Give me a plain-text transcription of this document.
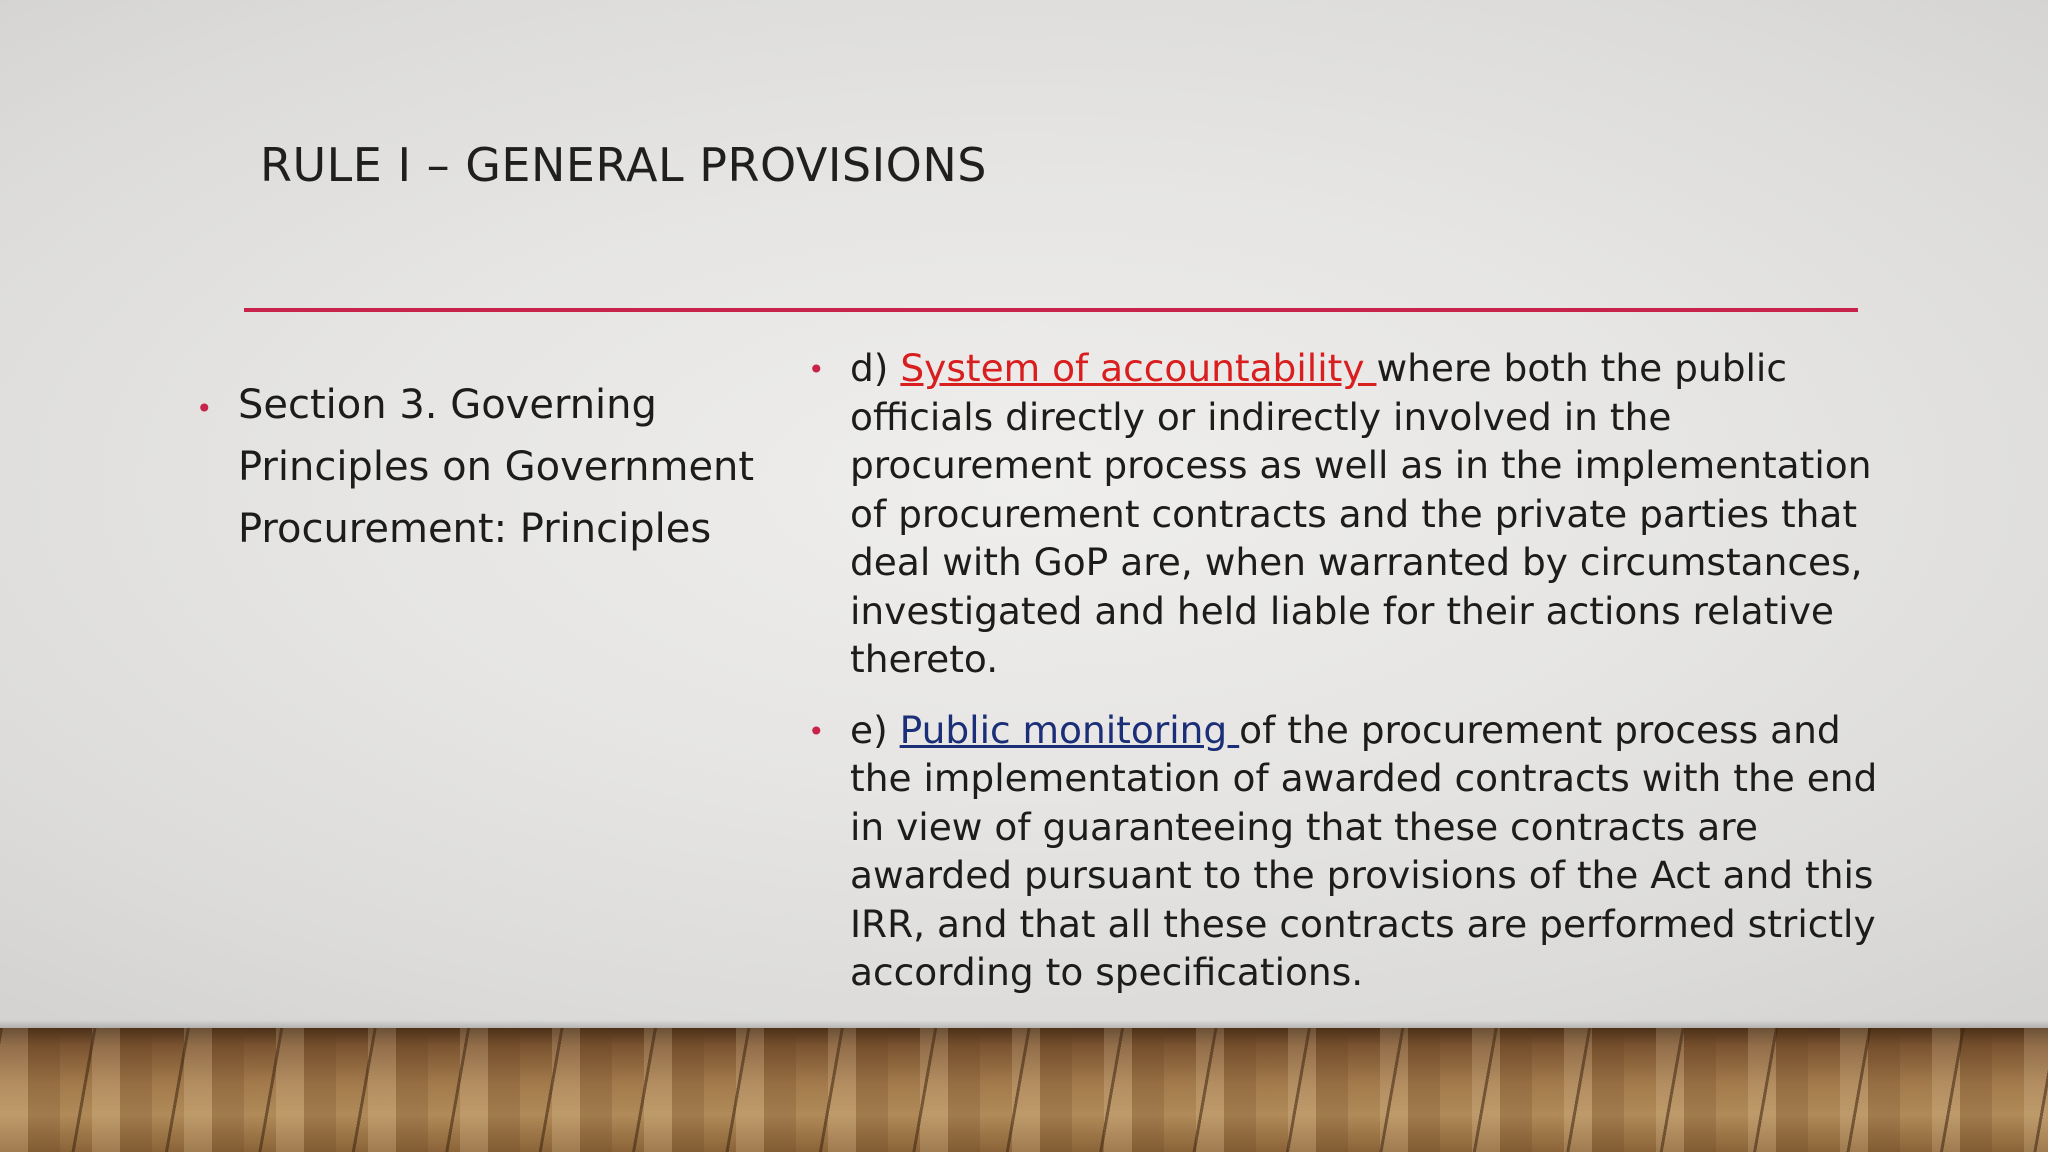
RULE I – GENERAL PROVISIONS
• Section 3. Governing Principles on Government Procurement: Principles
• d) System of accountability where both the public officials directly or indirectly involved in the procurement process as well as in the implementation of procurement contracts and the private parties that deal with GoP are, when warranted by circumstances, investigated and held liable for their actions relative thereto.
• e) Public monitoring of the procurement process and the implementation of awarded contracts with the end in view of guaranteeing that these contracts are awarded pursuant to the provisions of the Act and this IRR, and that all these contracts are performed strictly according to specifications.
